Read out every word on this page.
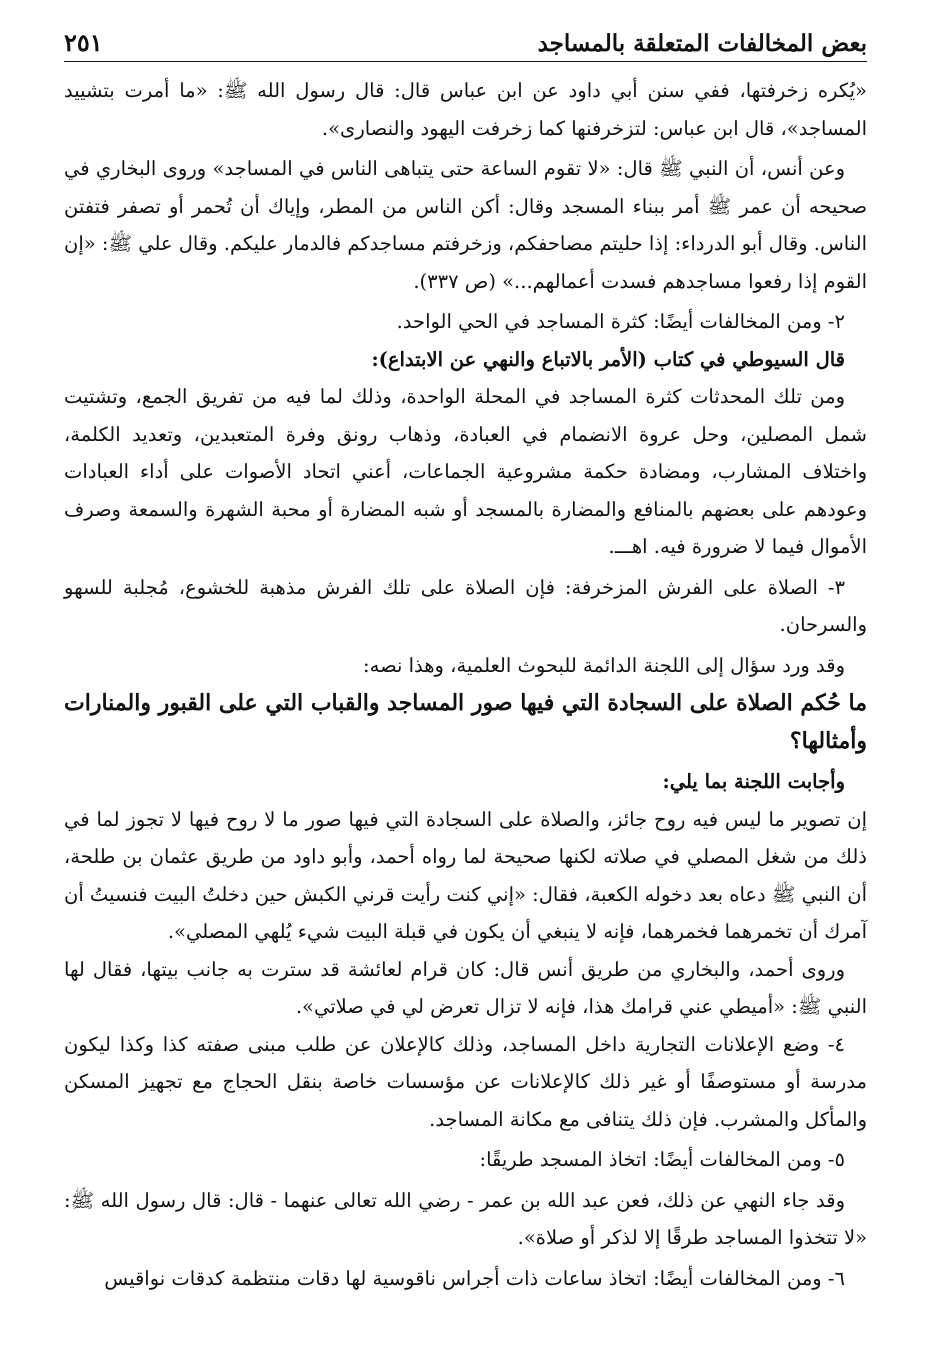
بعض المخالفات المتعلقة بالمساجد
٢٥١

«يُكره زخرفتها، ففي سنن أبي داود عن ابن عباس قال: قال رسول الله ﷺ: «ما أمرت بتشييد المساجد»، قال ابن عباس: لتزخرفنها كما زخرفت اليهود والنصارى».

وعن أنس، أن النبي ﷺ قال: «لا تقوم الساعة حتى يتباهى الناس في المساجد» وروى البخاري في صحيحه أن عمر ﷺ أمر ببناء المسجد وقال: أكن الناس من المطر، وإياك أن تُحمر أو تصفر فتفتن الناس. وقال أبو الدرداء: إذا حليتم مصاحفكم، وزخرفتم مساجدكم فالدمار عليكم. وقال علي ﷺ: «إن القوم إذا رفعوا مساجدهم فسدت أعمالهم...» (ص ٣٣٧).

٢- ومن المخالفات أيضًا: كثرة المساجد في الحي الواحد.

قال السيوطي في كتاب (الأمر بالاتباع والنهي عن الابتداع):

ومن تلك المحدثات كثرة المساجد في المحلة الواحدة، وذلك لما فيه من تفريق الجمع، وتشتيت شمل المصلين، وحل عروة الانضمام في العبادة، وذهاب رونق وفرة المتعبدين، وتعديد الكلمة، واختلاف المشارب، ومضادة حكمة مشروعية الجماعات، أعني اتحاد الأصوات على أداء العبادات وعودهم على بعضهم بالمنافع والمضارة بالمسجد أو شبه المضارة أو محبة الشهرة والسمعة وصرف الأموال فيما لا ضرورة فيه. اهـــ.

٣- الصلاة على الفرش المزخرفة: فإن الصلاة على تلك الفرش مذهبة للخشوع، مُجلبة للسهو والسرحان.

وقد ورد سؤال إلى اللجنة الدائمة للبحوث العلمية، وهذا نصه:

ما حُكم الصلاة على السجادة التي فيها صور المساجد والقباب التي على القبور والمنارات وأمثالها؟

وأجابت اللجنة بما يلي:

إن تصوير ما ليس فيه روح جائز، والصلاة على السجادة التي فيها صور ما لا روح فيها لا تجوز لما في ذلك من شغل المصلي في صلاته لكنها صحيحة لما رواه أحمد، وأبو داود من طريق عثمان بن طلحة، أن النبي ﷺ دعاه بعد دخوله الكعبة، فقال: «إني كنت رأيت قرني الكبش حين دخلتُ البيت فنسيتُ أن آمرك أن تخمرهما فخمرهما، فإنه لا ينبغي أن يكون في قبلة البيت شيء يُلهي المصلي».

وروى أحمد، والبخاري من طريق أنس قال: كان قرام لعائشة قد سترت به جانب بيتها، فقال لها النبي ﷺ: «أميطي عني قرامك هذا، فإنه لا تزال تعرض لي في صلاتي».

٤- وضع الإعلانات التجارية داخل المساجد، وذلك كالإعلان عن طلب مبنى صفته كذا وكذا ليكون مدرسة أو مستوصفًا أو غير ذلك كالإعلانات عن مؤسسات خاصة بنقل الحجاج مع تجهيز المسكن والمأكل والمشرب. فإن ذلك يتنافى مع مكانة المساجد.

٥- ومن المخالفات أيضًا: اتخاذ المسجد طريقًا:

وقد جاء النهي عن ذلك، فعن عبد الله بن عمر - رضي الله تعالى عنهما - قال: قال رسول الله ﷺ: «لا تتخذوا المساجد طرقًا إلا لذكر أو صلاة».

٦- ومن المخالفات أيضًا: اتخاذ ساعات ذات أجراس ناقوسية لها دقات منتظمة كدقات نواقيس
